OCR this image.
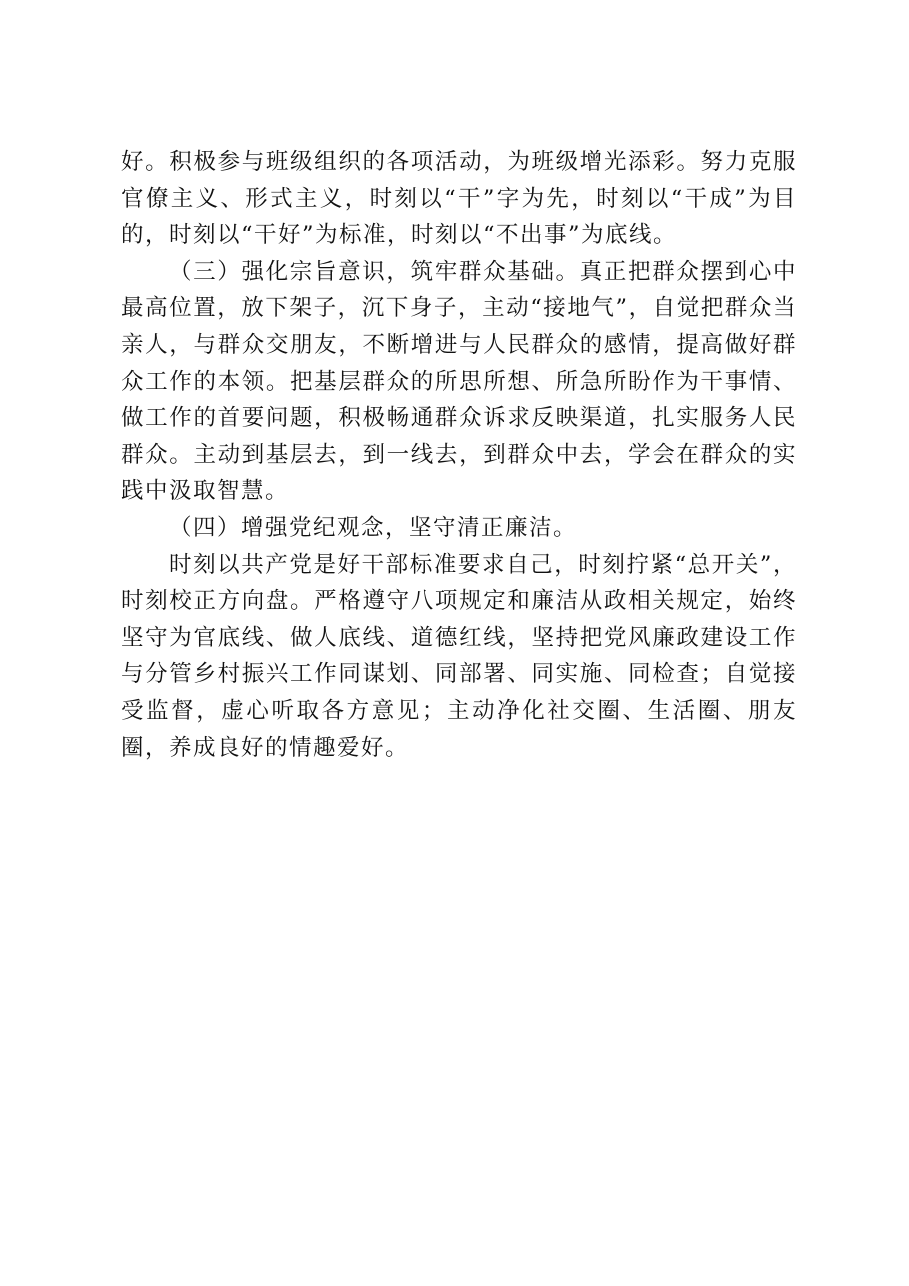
好。积极参与班级组织的各项活动，为班级增光添彩。努力克服官僚主义、形式主义，时刻以“干”字为先，时刻以“干成”为目的，时刻以“干好”为标准，时刻以“不出事”为底线。

（三）强化宗旨意识，筑牢群众基础。真正把群众摆到心中最高位置，放下架子，沉下身子，主动“接地气”，自觉把群众当亲人，与群众交朋友，不断增进与人民群众的感情，提高做好群众工作的本领。把基层群众的所思所想、所急所盼作为干事情、做工作的首要问题，积极畅通群众诉求反映渠道，扎实服务人民群众。主动到基层去，到一线去，到群众中去，学会在群众的实践中汲取智慧。

（四）增强党纪观念，坚守清正廉洁。

时刻以共产党是好干部标准要求自己，时刻拧紧“总开关”，时刻校正方向盘。严格遵守八项规定和廉洁从政相关规定，始终坚守为官底线、做人底线、道德红线，坚持把党风廉政建设工作与分管乡村振兴工作同谋划、同部署、同实施、同检查；自觉接受监督，虚心听取各方意见；主动净化社交圈、生活圈、朋友圈，养成良好的情趣爱好。
